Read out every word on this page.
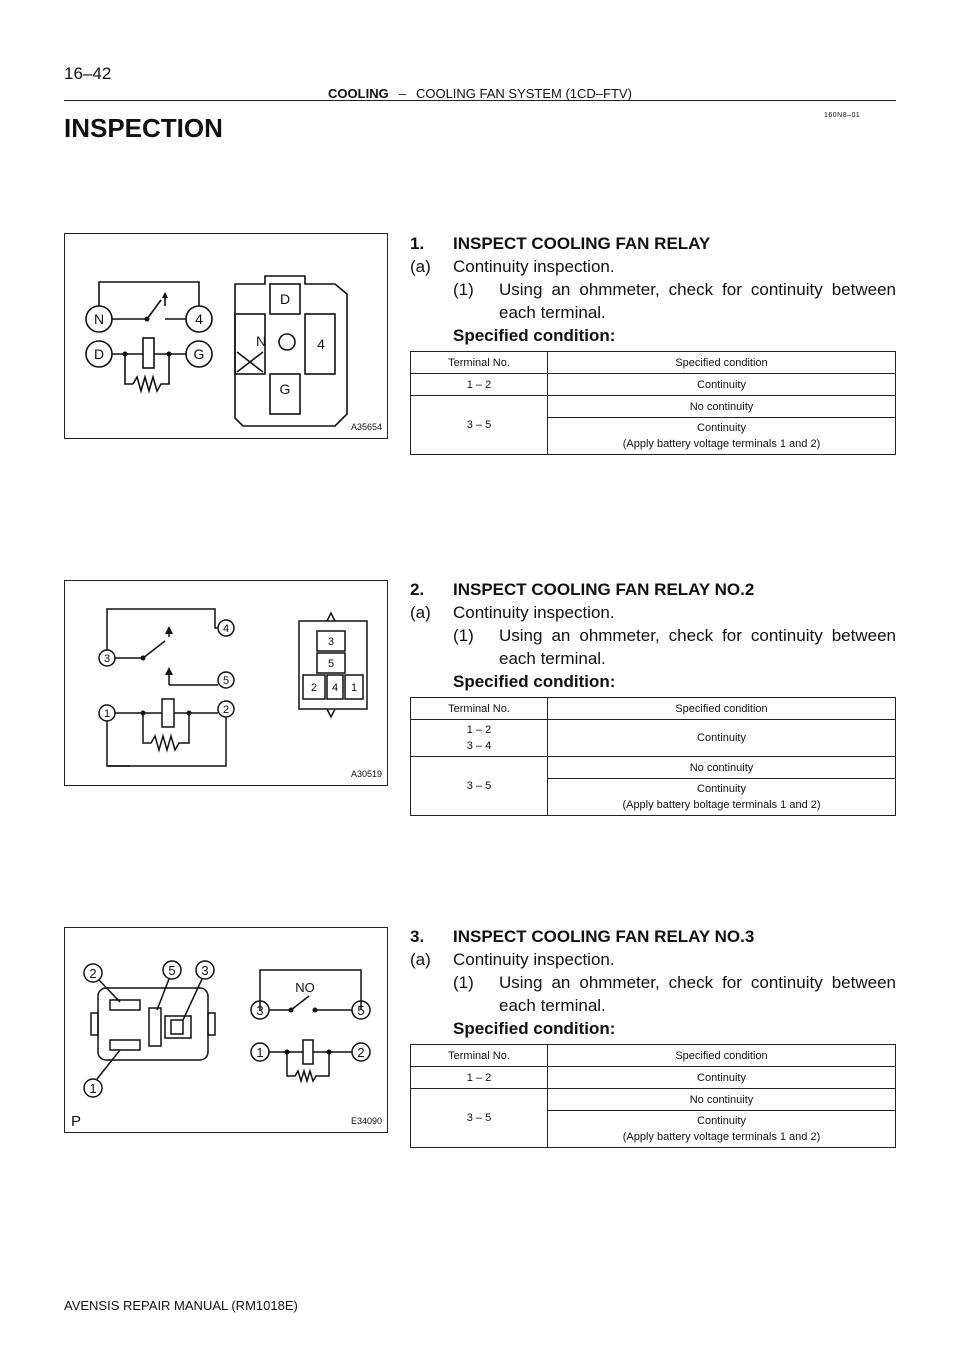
16–42
COOLING – COOLING FAN SYSTEM (1CD–FTV)
160N8–01
INSPECTION
N	4
D	G
D
N	4
G
A35654
1. INSPECT COOLING FAN RELAY
(a) Continuity inspection.
(1) Using an ohmmeter, check for continuity between each terminal.
Specified condition:
Terminal No.	Specified condition
1 – 2	Continuity
3 – 5	No continuity
	Continuity
(Apply battery voltage terminals 1 and 2)
4
3
5
1	2
3
5
2 4 1
A30519
2. INSPECT COOLING FAN RELAY NO.2
(a) Continuity inspection.
(1) Using an ohmmeter, check for continuity between each terminal.
Specified condition:
Terminal No.	Specified condition
1 – 2
3 – 4	Continuity
3 – 5	No continuity
	Continuity
(Apply battery boltage terminals 1 and 2)
2	5 3
1
3	5
1	2
NO
P	E34090
3. INSPECT COOLING FAN RELAY NO.3
(a) Continuity inspection.
(1) Using an ohmmeter, check for continuity between each terminal.
Specified condition:
Terminal No.	Specified condition
1 – 2	Continuity
3 – 5	No continuity
	Continuity
(Apply battery voltage terminals 1 and 2)
AVENSIS REPAIR MANUAL (RM1018E)
